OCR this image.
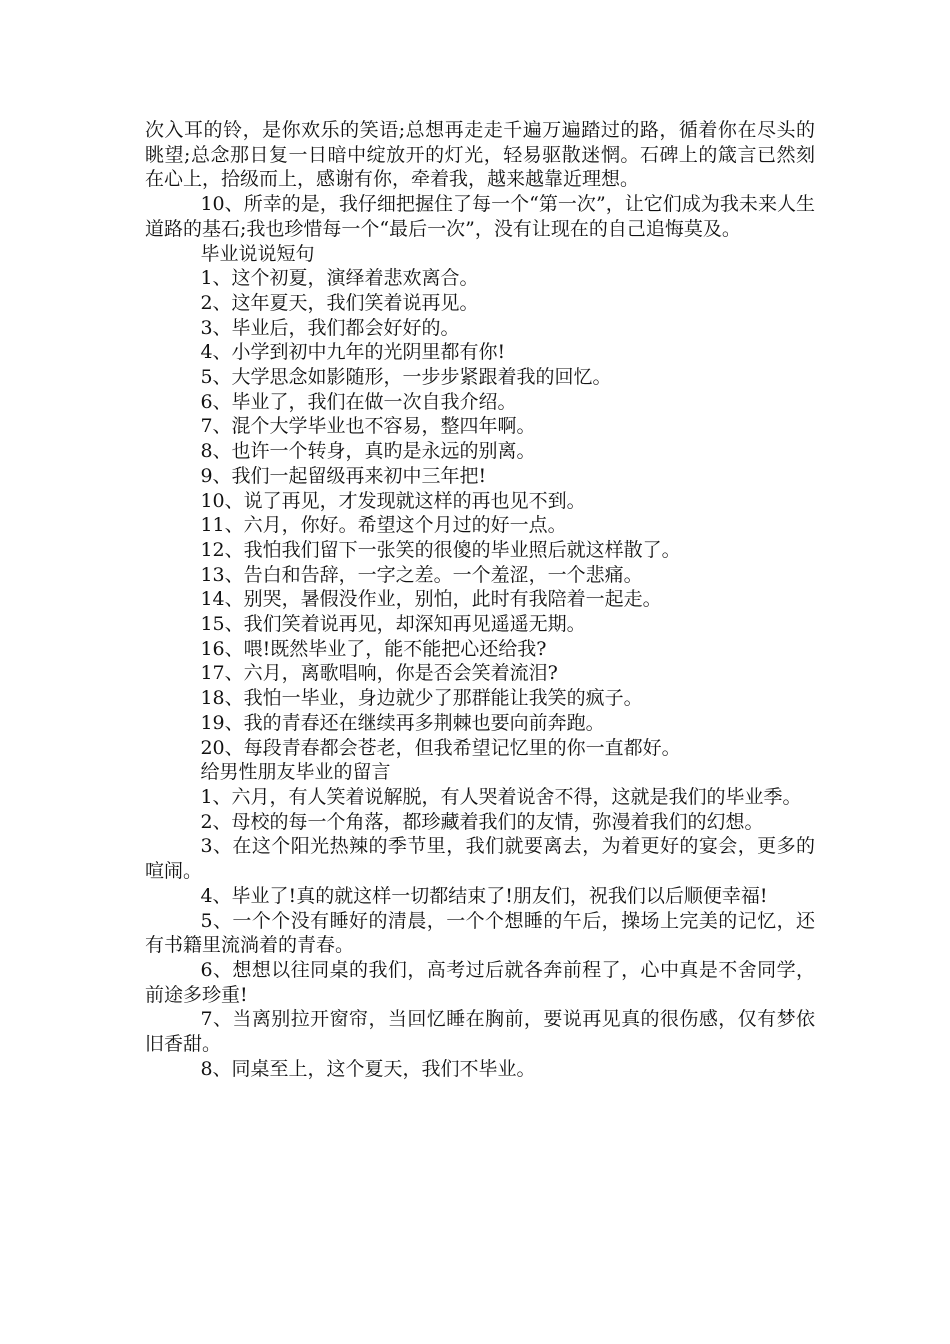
次入耳的铃，是你欢乐的笑语;总想再走走千遍万遍踏过的路，循着你在尽头的眺望;总念那日复一日暗中绽放开的灯光，轻易驱散迷惘。石碑上的箴言已然刻在心上，拾级而上，感谢有你，牵着我，越来越靠近理想。

10、所幸的是，我仔细把握住了每一个“第一次”，让它们成为我未来人生道路的基石;我也珍惜每一个“最后一次”，没有让现在的自己追悔莫及。

毕业说说短句

1、这个初夏，演绎着悲欢离合。

2、这年夏天，我们笑着说再见。

3、毕业后，我们都会好好的。

4、小学到初中九年的光阴里都有你!

5、大学思念如影随形，一步步紧跟着我的回忆。

6、毕业了，我们在做一次自我介绍。

7、混个大学毕业也不容易，整四年啊。

8、也许一个转身，真旳是永远的别离。

9、我们一起留级再来初中三年把!

10、说了再见，才发现就这样的再也见不到。

11、六月，你好。希望这个月过的好一点。

12、我怕我们留下一张笑的很傻的毕业照后就这样散了。

13、告白和告辞，一字之差。一个羞涩，一个悲痛。

14、别哭，暑假没作业，别怕，此时有我陪着一起走。

15、我们笑着说再见，却深知再见遥遥无期。

16、喂!既然毕业了，能不能把心还给我?

17、六月，离歌唱响，你是否会笑着流泪?

18、我怕一毕业，身边就少了那群能让我笑的疯子。

19、我的青春还在继续再多荆棘也要向前奔跑。

20、每段青春都会苍老，但我希望记忆里的你一直都好。

给男性朋友毕业的留言

1、六月，有人笑着说解脱，有人哭着说舍不得，这就是我们的毕业季。

2、母校的每一个角落，都珍藏着我们的友情，弥漫着我们的幻想。

3、在这个阳光热辣的季节里，我们就要离去，为着更好的宴会，更多的喧闹。

4、毕业了!真的就这样一切都结束了!朋友们，祝我们以后顺便幸福!

5、一个个没有睡好的清晨，一个个想睡的午后，操场上完美的记忆，还有书籍里流淌着的青春。

6、想想以往同桌的我们，高考过后就各奔前程了，心中真是不舍同学，前途多珍重!

7、当离别拉开窗帘，当回忆睡在胸前，要说再见真的很伤感，仅有梦依旧香甜。

8、同桌至上，这个夏天，我们不毕业。
